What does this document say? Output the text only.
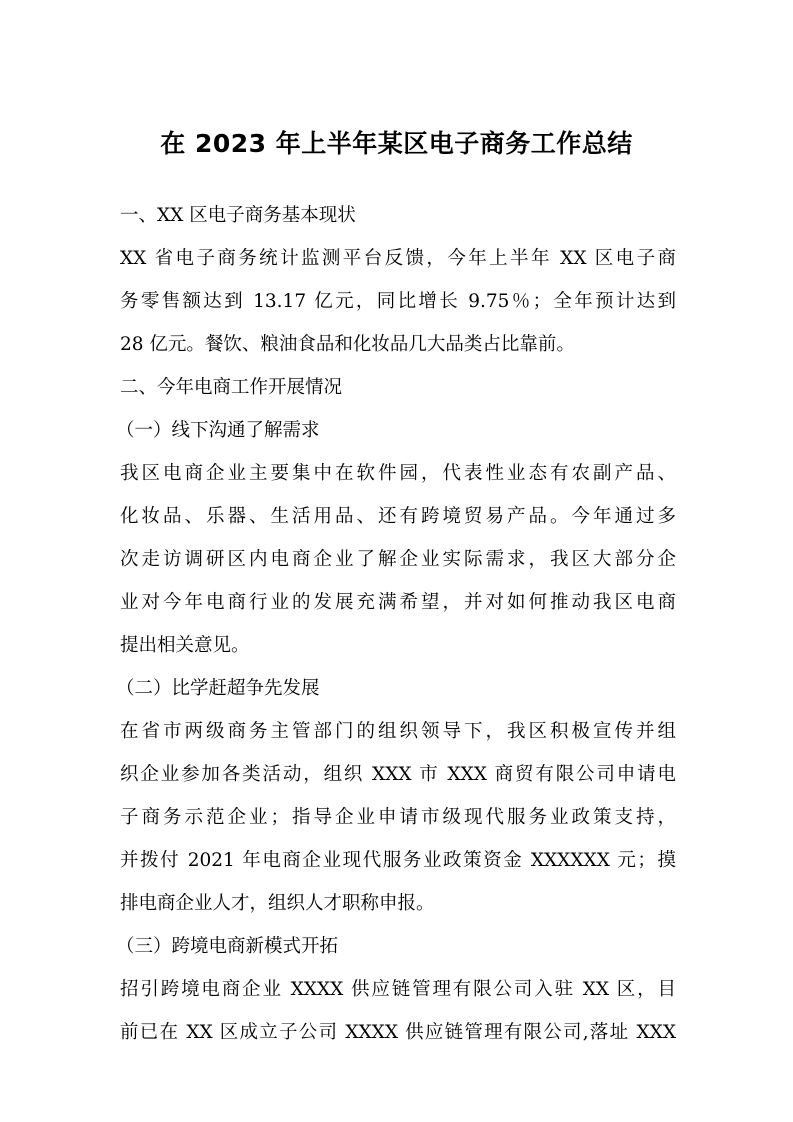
在 2023 年上半年某区电子商务工作总结
一、XX 区电子商务基本现状
XX 省电子商务统计监测平台反馈，今年上半年 XX 区电子商
务零售额达到 13.17 亿元，同比增长 9.75％；全年预计达到
28 亿元。餐饮、粮油食品和化妆品几大品类占比靠前。
二、今年电商工作开展情况
（一）线下沟通了解需求
我区电商企业主要集中在软件园，代表性业态有农副产品、
化妆品、乐器、生活用品、还有跨境贸易产品。今年通过多
次走访调研区内电商企业了解企业实际需求，我区大部分企
业对今年电商行业的发展充满希望，并对如何推动我区电商
提出相关意见。
（二）比学赶超争先发展
在省市两级商务主管部门的组织领导下，我区积极宣传并组
织企业参加各类活动，组织 XXX 市 XXX 商贸有限公司申请电
子商务示范企业；指导企业申请市级现代服务业政策支持，
并拨付 2021 年电商企业现代服务业政策资金 XXXXXX 元；摸
排电商企业人才，组织人才职称申报。
（三）跨境电商新模式开拓
招引跨境电商企业 XXXX 供应链管理有限公司入驻 XX 区，目
前已在 XX 区成立子公司 XXXX 供应链管理有限公司,落址 XXX
